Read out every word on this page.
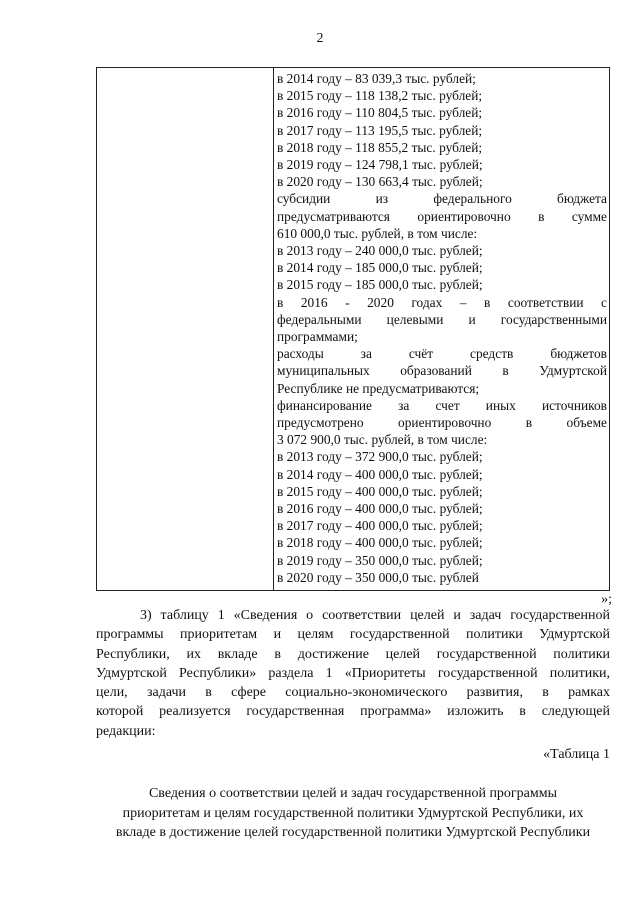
2
в 2014 году – 83 039,3 тыс. рублей;
в 2015 году – 118 138,2 тыс. рублей;
в 2016 году – 110 804,5 тыс. рублей;
в 2017 году – 113 195,5 тыс. рублей;
в 2018 году – 118 855,2 тыс. рублей;
в 2019 году – 124 798,1 тыс. рублей;
в 2020 году – 130 663,4 тыс. рублей;
субсидии из федерального бюджета
предусматриваются ориентировочно в сумме
610 000,0 тыс. рублей, в том числе:
в 2013 году – 240 000,0 тыс. рублей;
в 2014 году – 185 000,0 тыс. рублей;
в 2015 году – 185 000,0 тыс. рублей;
в 2016 - 2020 годах – в соответствии с
федеральными целевыми и государственными
программами;
расходы за счёт средств бюджетов
муниципальных образований в Удмуртской
Республике не предусматриваются;
финансирование за счет иных источников
предусмотрено ориентировочно в объеме
3 072 900,0 тыс. рублей, в том числе:
в 2013 году – 372 900,0 тыс. рублей;
в 2014 году – 400 000,0 тыс. рублей;
в 2015 году – 400 000,0 тыс. рублей;
в 2016 году – 400 000,0 тыс. рублей;
в 2017 году – 400 000,0 тыс. рублей;
в 2018 году – 400 000,0 тыс. рублей;
в 2019 году – 350 000,0 тыс. рублей;
в 2020 году – 350 000,0 тыс. рублей
»;
3) таблицу 1 «Сведения о соответствии целей и задач государственной
программы приоритетам и целям государственной политики Удмуртской
Республики, их вкладе в достижение целей государственной политики
Удмуртской Республики» раздела 1 «Приоритеты государственной политики,
цели, задачи в сфере социально-экономического развития, в рамках
которой реализуется государственная программа» изложить в следующей
редакции:
«Таблица 1
Сведения о соответствии целей и задач государственной программы
приоритетам и целям государственной политики Удмуртской Республики, их
вкладе в достижение целей государственной политики Удмуртской Республики
